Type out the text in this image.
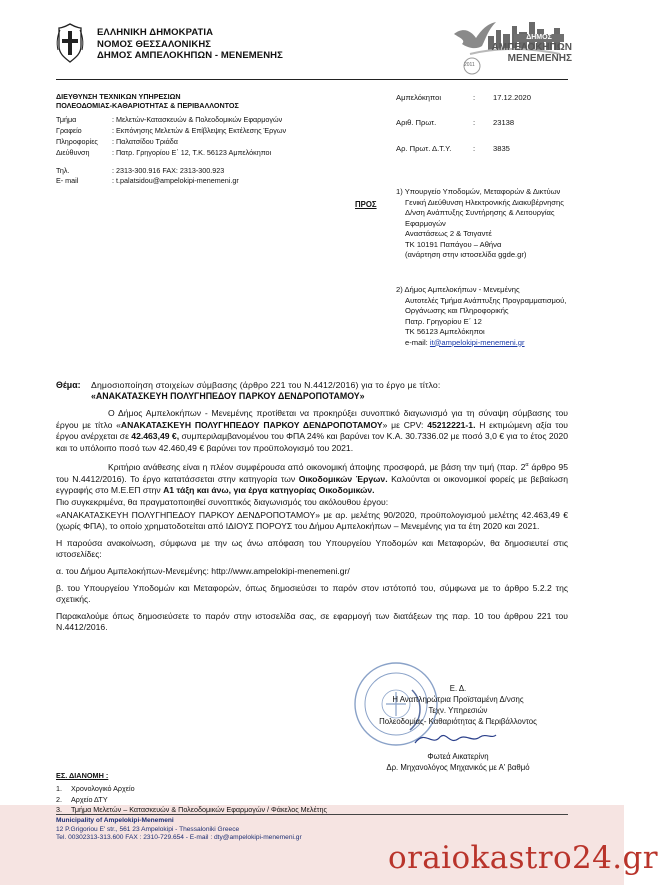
ΕΛΛΗΝΙΚΗ ΔΗΜΟΚΡΑΤΙΑ
ΝΟΜΟΣ ΘΕΣΣΑΛΟΝΙΚΗΣ
ΔΗΜΟΣ ΑΜΠΕΛΟΚΗΠΩΝ - ΜΕΝΕΜΕΝΗΣ
ΔΗΜΟΣ
ΑΜΠΕΛΟΚΗΠΩΝ
ΜΕΝΕΜΕΝΗΣ
2011
ΔΙΕΥΘΥΝΣΗ ΤΕΧΝΙΚΩΝ ΥΠΗΡΕΣΙΩΝ
ΠΟΛΕΟΔΟΜΙΑΣ-ΚΑΘΑΡΙΟΤΗΤΑΣ & ΠΕΡΙΒΑΛΛΟΝΤΟΣ
Τμήμα	: Μελετών-Κατασκευών & Πολεοδομικών Εφαρμογών
Γραφείο	: Εκπόνησης Μελετών & Επίβλεψης Εκτέλεσης Έργων
Πληροφορίες : Παλατσίδου Τριάδα
Διεύθυνση	: Πατρ. Γρηγορίου Ε΄ 12, Τ.Κ. 56123 Αμπελόκηποι
Τηλ.	: 2313-300.916 FAX: 2313-300.923
E- mail	: t.palatsidou@ampelokipi-menemeni.gr
Αμπελόκηποι	: 17.12.2020
Αριθ. Πρωτ.	: 23138
Αρ. Πρωτ. Δ.Τ.Υ.	: 3835
ΠΡΟΣ
1) Υπουργείο Υποδομών, Μεταφορών & Δικτύων
Γενική Διεύθυνση Ηλεκτρονικής Διακυβέρνησης
Δ/νση Ανάπτυξης Συντήρησης & Λειτουργίας
Εφαρμογών
Αναστάσεως 2 & Τσιγαντέ
ΤΚ 10191 Παπάγου – Αθήνα
(ανάρτηση στην ιστοσελίδα ggde.gr)
2) Δήμος Αμπελοκήπων - Μενεμένης
Αυτοτελές Τμήμα Ανάπτυξης Προγραμματισμού,
Οργάνωσης και Πληροφορικής
Πατρ. Γρηγορίου Ε΄ 12
ΤΚ 56123 Αμπελόκηποι
e-mail: it@ampelokipi-menemeni.gr
Θέμα: Δημοσιοποίηση στοιχείων σύμβασης (άρθρο 221 του Ν.4412/2016) για το έργο με τίτλο:
«ΑΝΑΚΑΤΑΣΚΕΥΗ ΠΟΛΥΓΗΠΕΔΟΥ ΠΑΡΚΟΥ ΔΕΝΔΡΟΠΟΤΑΜΟΥ»

Ο Δήμος Αμπελοκήπων - Μενεμένης προτίθεται να προκηρύξει συνοπτικό διαγωνισμό για τη σύναψη σύμβασης του έργου με τίτλο «ΑΝΑΚΑΤΑΣΚΕΥΗ ΠΟΛΥΓΗΠΕΔΟΥ ΠΑΡΚΟΥ ΔΕΝΔΡΟΠΟΤΑΜΟΥ» με CPV: 45212221-1. Η εκτιμώμενη αξία του έργου ανέρχεται σε 42.463,49 €, συμπεριλαμβανομένου του ΦΠΑ 24% και βαρύνει τον Κ.Α. 30.7336.02 με ποσό 3,0 € για το έτος 2020 και το υπόλοιπο ποσό των 42.460,49 € βαρύνει τον προϋπολογισμό του 2021.

Κριτήριο ανάθεσης είναι η πλέον συμφέρουσα από οικονομική άποψης προσφορά, με βάση την τιμή (παρ. $2^\alpha$ άρθρο 95 του Ν.4412/2016). Το έργο κατατάσσεται στην κατηγορία των Οικοδομικών Έργων. Καλούνται οι οικονομικοί φορείς με βεβαίωση εγγραφής στο Μ.Ε.ΕΠ στην Α1 τάξη και άνω, για έργα κατηγορίας Οικοδομικών.

Πιο συγκεκριμένα, θα πραγματοποιηθεί συνοπτικός διαγωνισμός του ακόλουθου έργου:

«ΑΝΑΚΑΤΑΣΚΕΥΗ ΠΟΛΥΓΗΠΕΔΟΥ ΠΑΡΚΟΥ ΔΕΝΔΡΟΠΟΤΑΜΟΥ» με αρ. μελέτης 90/2020, προϋπολογισμού μελέτης 42.463,49 € (χωρίς ΦΠΑ), το οποίο χρηματοδοτείται από ΙΔΙΟΥΣ ΠΟΡΟΥΣ του Δήμου Αμπελοκήπων – Μενεμένης για τα έτη 2020 και 2021.

Η παρούσα ανακοίνωση, σύμφωνα με την ως άνω απόφαση του Υπουργείου Υποδομών και Μεταφορών, θα δημοσιευτεί στις ιστοσελίδες:

α. του Δήμου Αμπελοκήπων-Μενεμένης: http://www.ampelokipi-menemeni.gr/

β. του Υπουργείου Υποδομών και Μεταφορών, όπως δημοσιεύσει το παρόν στον ιστότοπό του, σύμφωνα με το άρθρο 5.2.2 της σχετικής.

Παρακαλούμε όπως δημοσιεύσετε το παρόν στην ιστοσελίδα σας, σε εφαρμογή των διατάξεων της παρ. 10 του άρθρου 221 του Ν.4412/2016.

Ε. Δ.
Η Αναπληρώτρια Προϊσταμένη Δ/νσης
Τεχν. Υπηρεσιών
Πολεοδομίας- Καθαριότητας & Περιβάλλοντος
Φωτεά Αικατερίνη
Δρ. Μηχανολόγος Μηχανικός με Α' βαθμό
ΕΣ. ΔΙΑΝΟΜΗ :
1. Χρονολογικό Αρχείο
2. Αρχείο ΔΤΥ
3. Τμήμα Μελετών – Κατασκευών & Πολεοδομικών Εφαρμογών / Φάκελος Μελέτης
Municipality of Ampelokipi-Menemeni
12 P.Grigoriou E' str., 561 23 Ampelokipi - Thessaloniki Greece
Tel. 00302313-313.600 FAX : 2310-729.654 - E-mail : dty@ampelokipi-menemeni.gr
oraiokastro24.gr
